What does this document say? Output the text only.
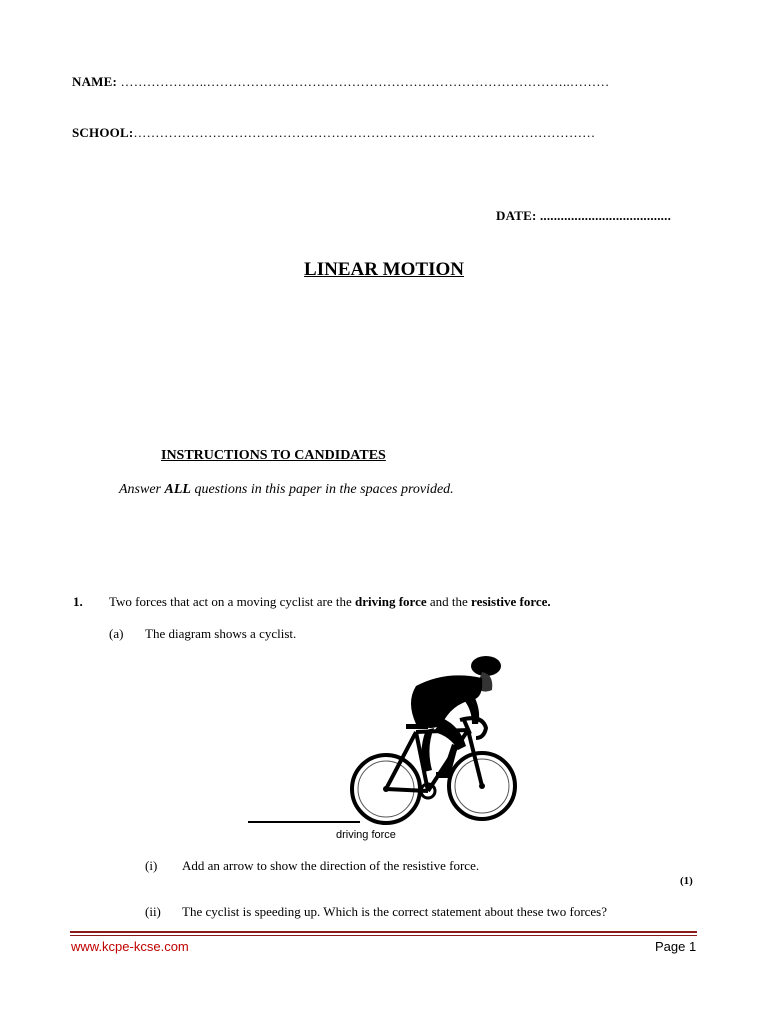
NAME: ………………..………………………………………………………………………..………
SCHOOL:……………………………………………………………………………………………
DATE: ......................................
LINEAR MOTION
INSTRUCTIONS TO CANDIDATES
Answer ALL questions in this paper in the spaces provided.
1. Two forces that act on a moving cyclist are the driving force and the resistive force.
(a) The diagram shows a cyclist.
driving force
(i) Add an arrow to show the direction of the resistive force.
(1)
(ii) The cyclist is speeding up. Which is the correct statement about these two forces?
www.kcpe-kcse.com	Page 1
